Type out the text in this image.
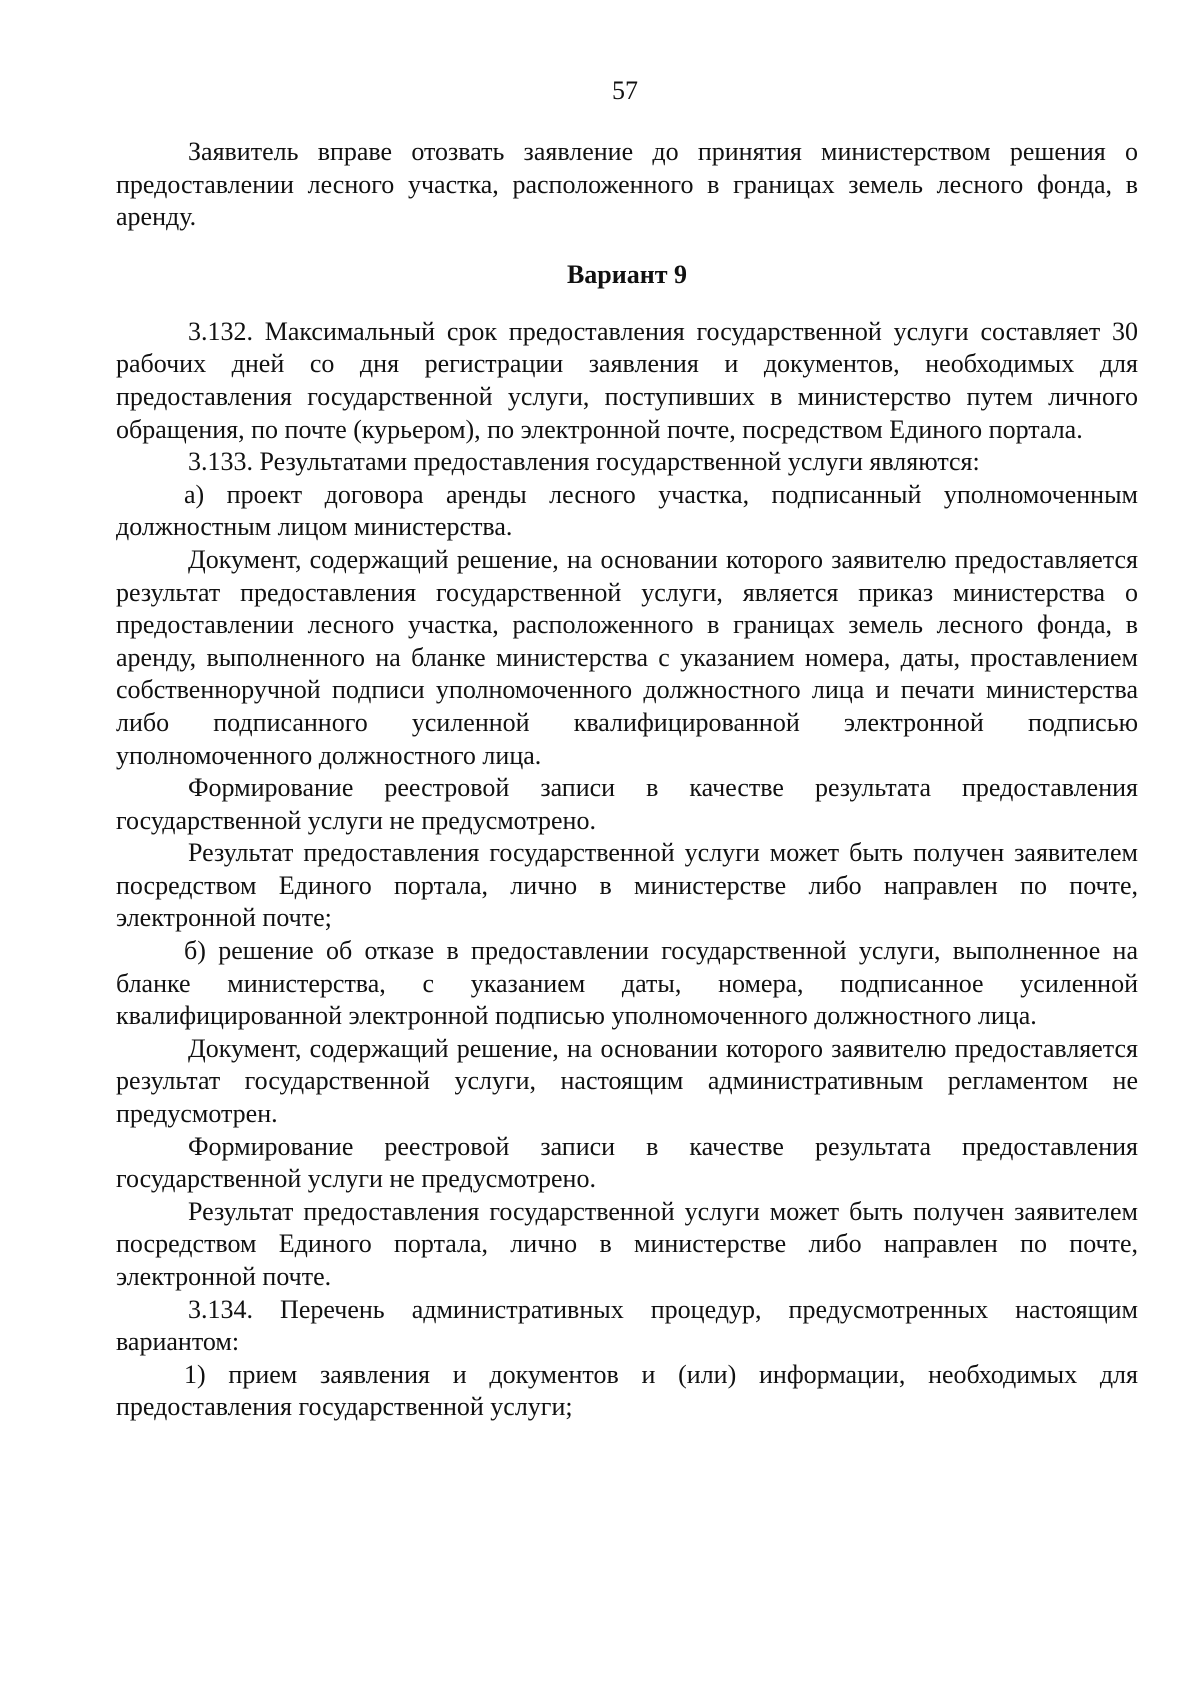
57

Заявитель вправе отозвать заявление до принятия министерством решения о предоставлении лесного участка, расположенного в границах земель лесного фонда, в аренду.

Вариант 9

3.132. Максимальный срок предоставления государственной услуги составляет 30 рабочих дней со дня регистрации заявления и документов, необходимых для предоставления государственной услуги, поступивших в министерство путем личного обращения, по почте (курьером), по электронной почте, посредством Единого портала.

3.133. Результатами предоставления государственной услуги являются:

а) проект договора аренды лесного участка, подписанный уполномоченным должностным лицом министерства.

Документ, содержащий решение, на основании которого заявителю предоставляется результат предоставления государственной услуги, является приказ министерства о предоставлении лесного участка, расположенного в границах земель лесного фонда, в аренду, выполненного на бланке министерства с указанием номера, даты, проставлением собственноручной подписи уполномоченного должностного лица и печати министерства либо подписанного усиленной квалифицированной электронной подписью уполномоченного должностного лица.

Формирование реестровой записи в качестве результата предоставления государственной услуги не предусмотрено.

Результат предоставления государственной услуги может быть получен заявителем посредством Единого портала, лично в министерстве либо направлен по почте, электронной почте;

б) решение об отказе в предоставлении государственной услуги, выполненное на бланке министерства, с указанием даты, номера, подписанное усиленной квалифицированной электронной подписью уполномоченного должностного лица.

Документ, содержащий решение, на основании которого заявителю предоставляется результат государственной услуги, настоящим административным регламентом не предусмотрен.

Формирование реестровой записи в качестве результата предоставления государственной услуги не предусмотрено.

Результат предоставления государственной услуги может быть получен заявителем посредством Единого портала, лично в министерстве либо направлен по почте, электронной почте.

3.134. Перечень административных процедур, предусмотренных настоящим вариантом:

1) прием заявления и документов и (или) информации, необходимых для предоставления государственной услуги;
